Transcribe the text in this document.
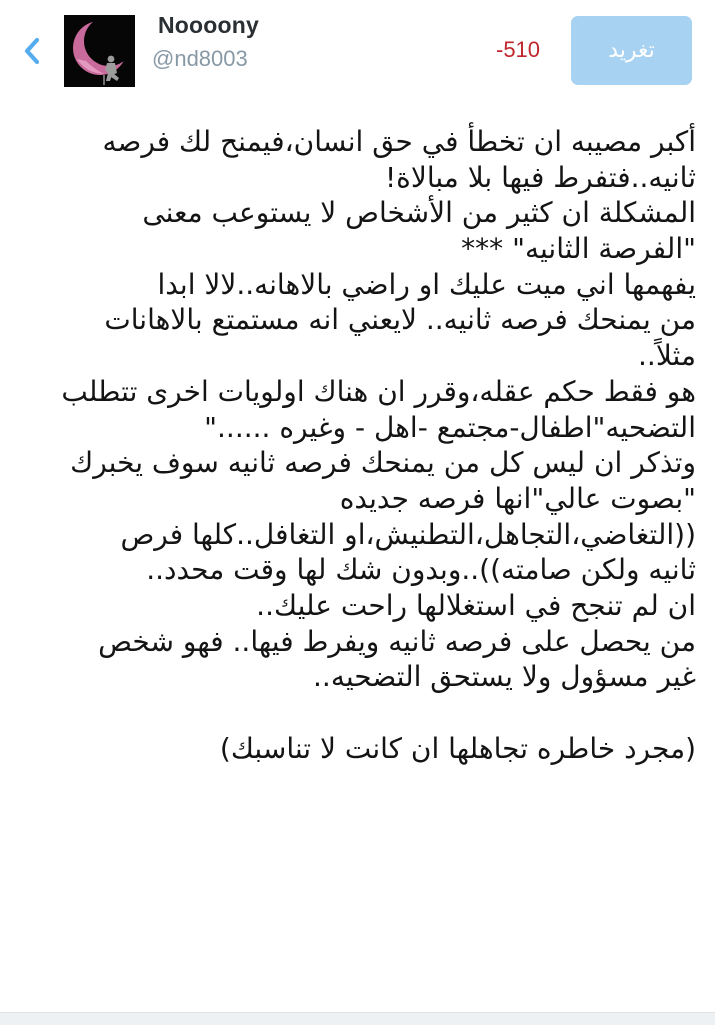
Noooony
@nd8003	-510	تغريد
أكبر مصيبه ان تخطأ في حق انسان،فيمنح لك فرصه
ثانيه..فتفرط فيها بلا مبالاة!
المشكلة ان كثير من الأشخاص لا يستوعب معنى
"الفرصة الثانيه" ***
يفهمها اني ميت عليك او راضي بالاهانه..لالا ابدا
من يمنحك فرصه ثانيه.. لايعني انه مستمتع بالاهانات
مثلاً..
هو فقط حكم عقله،وقرر ان هناك اولويات اخرى تتطلب
التضحيه"اطفال-مجتمع -اهل - وغيره ......"
وتذكر ان ليس كل من يمنحك فرصه ثانيه سوف يخبرك
"بصوت عالي"انها فرصه جديده
((التغاضي،التجاهل،التطنيش،او التغافل..كلها فرص
ثانيه ولكن صامته))..وبدون شك لها وقت محدد..
ان لم تنجح في استغلالها راحت عليك..
من يحصل على فرصه ثانيه ويفرط فيها.. فهو شخص
غير مسؤول ولا يستحق التضحيه..
(مجرد خاطره تجاهلها ان كانت لا تناسبك)
